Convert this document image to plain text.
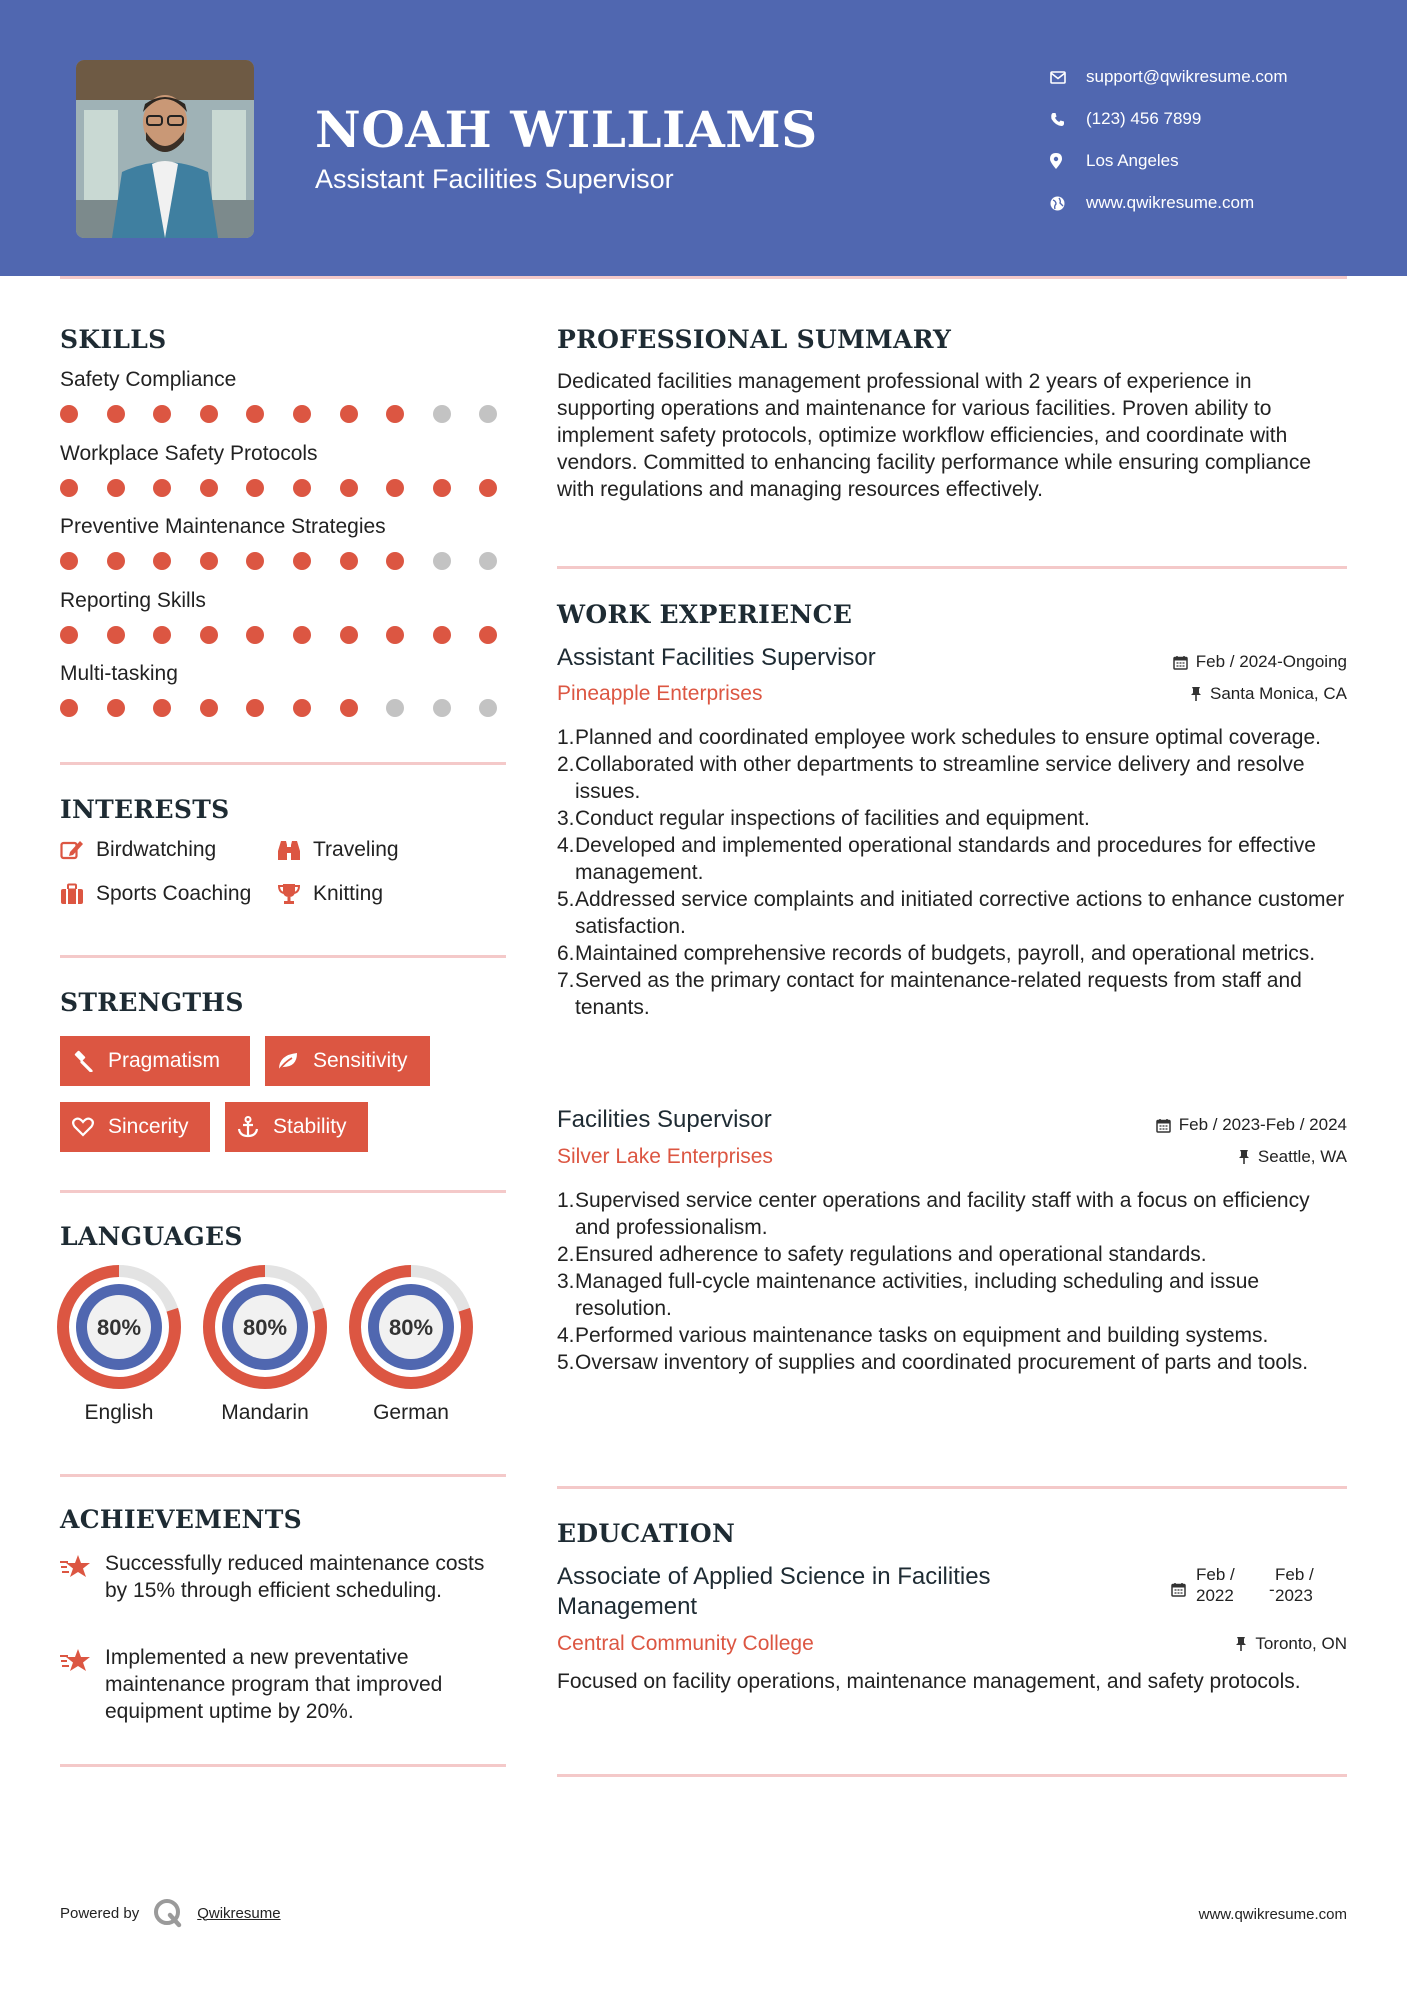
NOAH WILLIAMS
Assistant Facilities Supervisor
support@qwikresume.com
(123) 456 7899
Los Angeles
www.qwikresume.com
SKILLS
Safety Compliance
Workplace Safety Protocols
Preventive Maintenance Strategies
Reporting Skills
Multi-tasking
INTERESTS
Birdwatching	Traveling
Sports Coaching	Knitting
STRENGTHS
Pragmatism	Sensitivity
Sincerity	Stability
LANGUAGES
80%
English
80%
Mandarin
80%
German
ACHIEVEMENTS
Successfully reduced maintenance costs by 15% through efficient scheduling.
Implemented a new preventative maintenance program that improved equipment uptime by 20%.
PROFESSIONAL SUMMARY
Dedicated facilities management professional with 2 years of experience in supporting operations and maintenance for various facilities. Proven ability to implement safety protocols, optimize workflow efficiencies, and coordinate with vendors. Committed to enhancing facility performance while ensuring compliance with regulations and managing resources effectively.
WORK EXPERIENCE
Assistant Facilities Supervisor	Feb / 2024-Ongoing
Pineapple Enterprises	Santa Monica, CA
1. Planned and coordinated employee work schedules to ensure optimal coverage.
2. Collaborated with other departments to streamline service delivery and resolve issues.
3. Conduct regular inspections of facilities and equipment.
4. Developed and implemented operational standards and procedures for effective management.
5. Addressed service complaints and initiated corrective actions to enhance customer satisfaction.
6. Maintained comprehensive records of budgets, payroll, and operational metrics.
7. Served as the primary contact for maintenance-related requests from staff and tenants.
Facilities Supervisor	Feb / 2023-Feb / 2024
Silver Lake Enterprises	Seattle, WA
1. Supervised service center operations and facility staff with a focus on efficiency and professionalism.
2. Ensured adherence to safety regulations and operational standards.
3. Managed full-cycle maintenance activities, including scheduling and issue resolution.
4. Performed various maintenance tasks on equipment and building systems.
5. Oversaw inventory of supplies and coordinated procurement of parts and tools.
EDUCATION
Associate of Applied Science in Facilities Management
Feb / 2022	-
Feb / 2023
Central Community College	Toronto, ON
Focused on facility operations, maintenance management, and safety protocols.
Powered by	Qwikresume	www.qwikresume.com
